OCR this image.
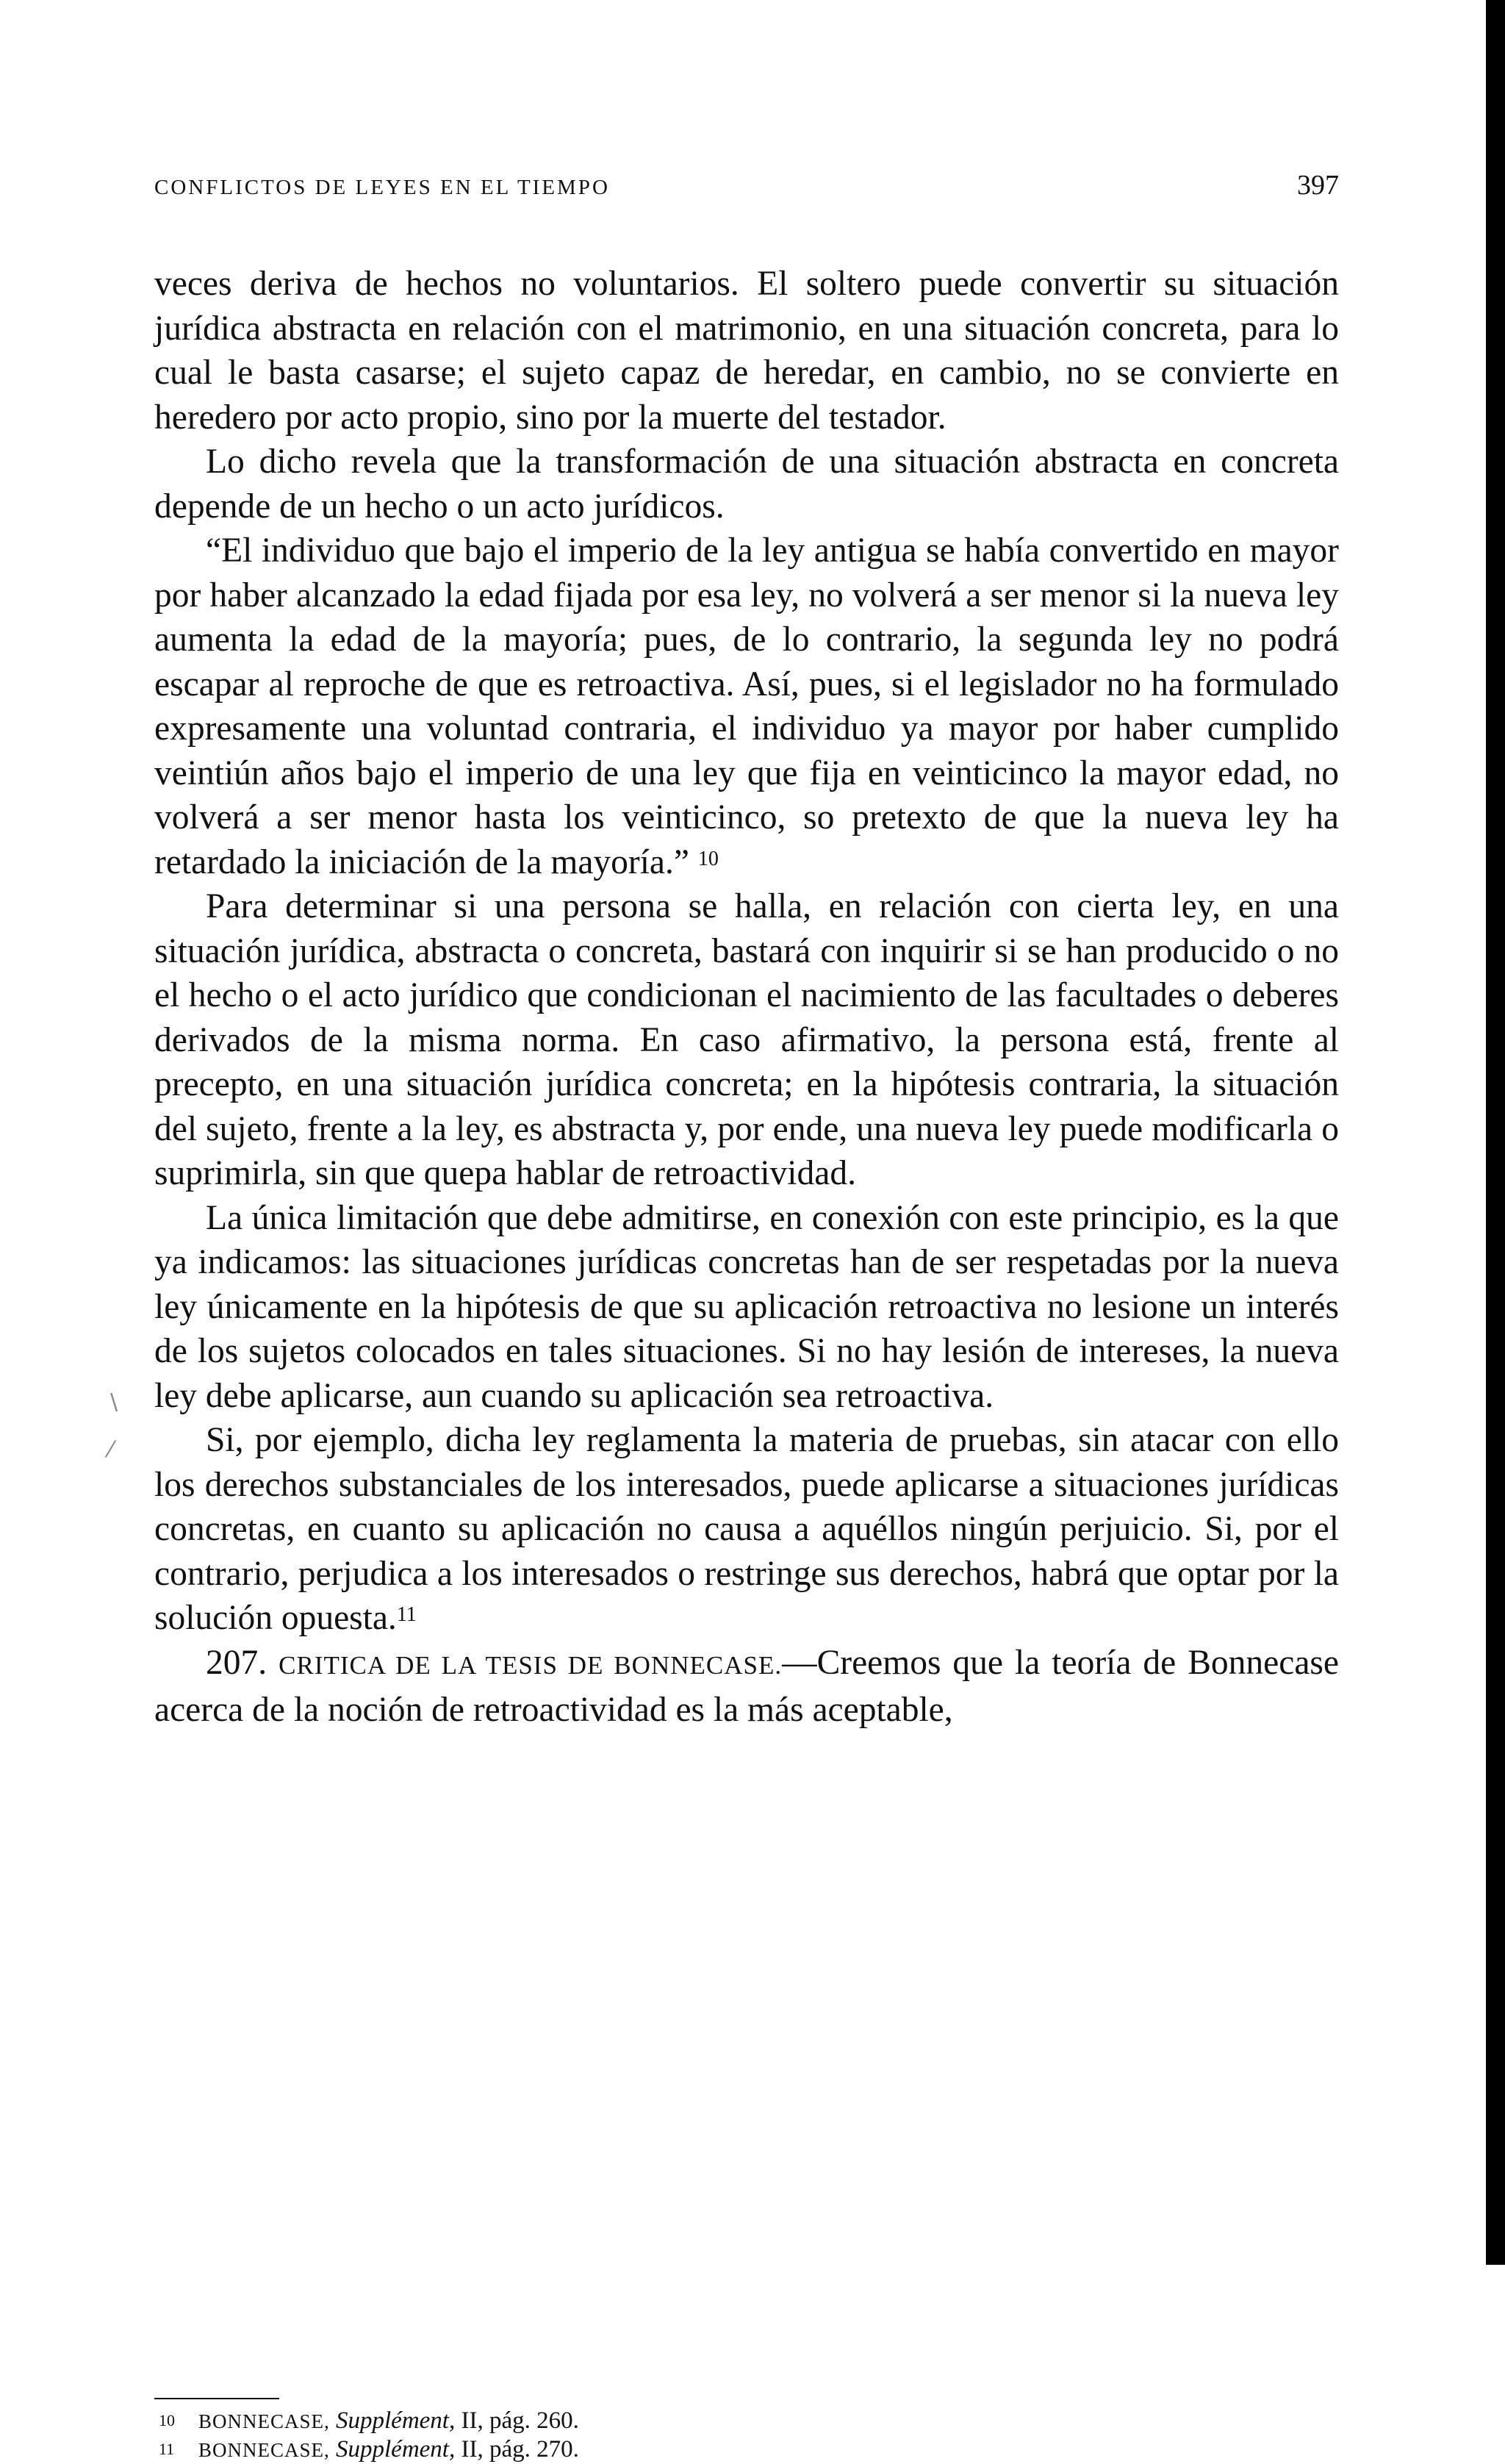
\
⁄
CONFLICTOS DE LEYES EN EL TIEMPO	397

veces deriva de hechos no voluntarios. El soltero puede convertir su situación jurídica abstracta en relación con el matrimonio, en una situación concreta, para lo cual le basta casarse; el sujeto capaz de heredar, en cambio, no se convierte en heredero por acto propio, sino por la muerte del testador.

Lo dicho revela que la transformación de una situación abstracta en concreta depende de un hecho o un acto jurídicos.

“El individuo que bajo el imperio de la ley antigua se había convertido en mayor por haber alcanzado la edad fijada por esa ley, no volverá a ser menor si la nueva ley aumenta la edad de la mayoría; pues, de lo contrario, la segunda ley no podrá escapar al reproche de que es retroactiva. Así, pues, si el legislador no ha formulado expresamente una voluntad contraria, el individuo ya mayor por haber cumplido veintiún años bajo el imperio de una ley que fija en veinticinco la mayor edad, no volverá a ser menor hasta los veinticinco, so pretexto de que la nueva ley ha retardado la iniciación de la mayoría.” $^{10}$

Para determinar si una persona se halla, en relación con cierta ley, en una situación jurídica, abstracta o concreta, bastará con inquirir si se han producido o no el hecho o el acto jurídico que condicionan el nacimiento de las facultades o deberes derivados de la misma norma. En caso afirmativo, la persona está, frente al precepto, en una situación jurídica concreta; en la hipótesis contraria, la situación del sujeto, frente a la ley, es abstracta y, por ende, una nueva ley puede modificarla o suprimirla, sin que quepa hablar de retroactividad.

La única limitación que debe admitirse, en conexión con este principio, es la que ya indicamos: las situaciones jurídicas concretas han de ser respetadas por la nueva ley únicamente en la hipótesis de que su aplicación retroactiva no lesione un interés de los sujetos colocados en tales situaciones. Si no hay lesión de intereses, la nueva ley debe aplicarse, aun cuando su aplicación sea retroactiva.

Si, por ejemplo, dicha ley reglamenta la materia de pruebas, sin atacar con ello los derechos substanciales de los interesados, puede aplicarse a situaciones jurídicas concretas, en cuanto su aplicación no causa a aquéllos ningún perjuicio. Si, por el contrario, perjudica a los interesados o restringe sus derechos, habrá que optar por la solución opuesta.$^{11}$

207. CRITICA DE LA TESIS DE BONNECASE.—Creemos que la teoría de Bonnecase acerca de la noción de retroactividad es la más aceptable,

10 BONNECASE, Supplément, II, pág. 260.
11 BONNECASE, Supplément, II, pág. 270.
